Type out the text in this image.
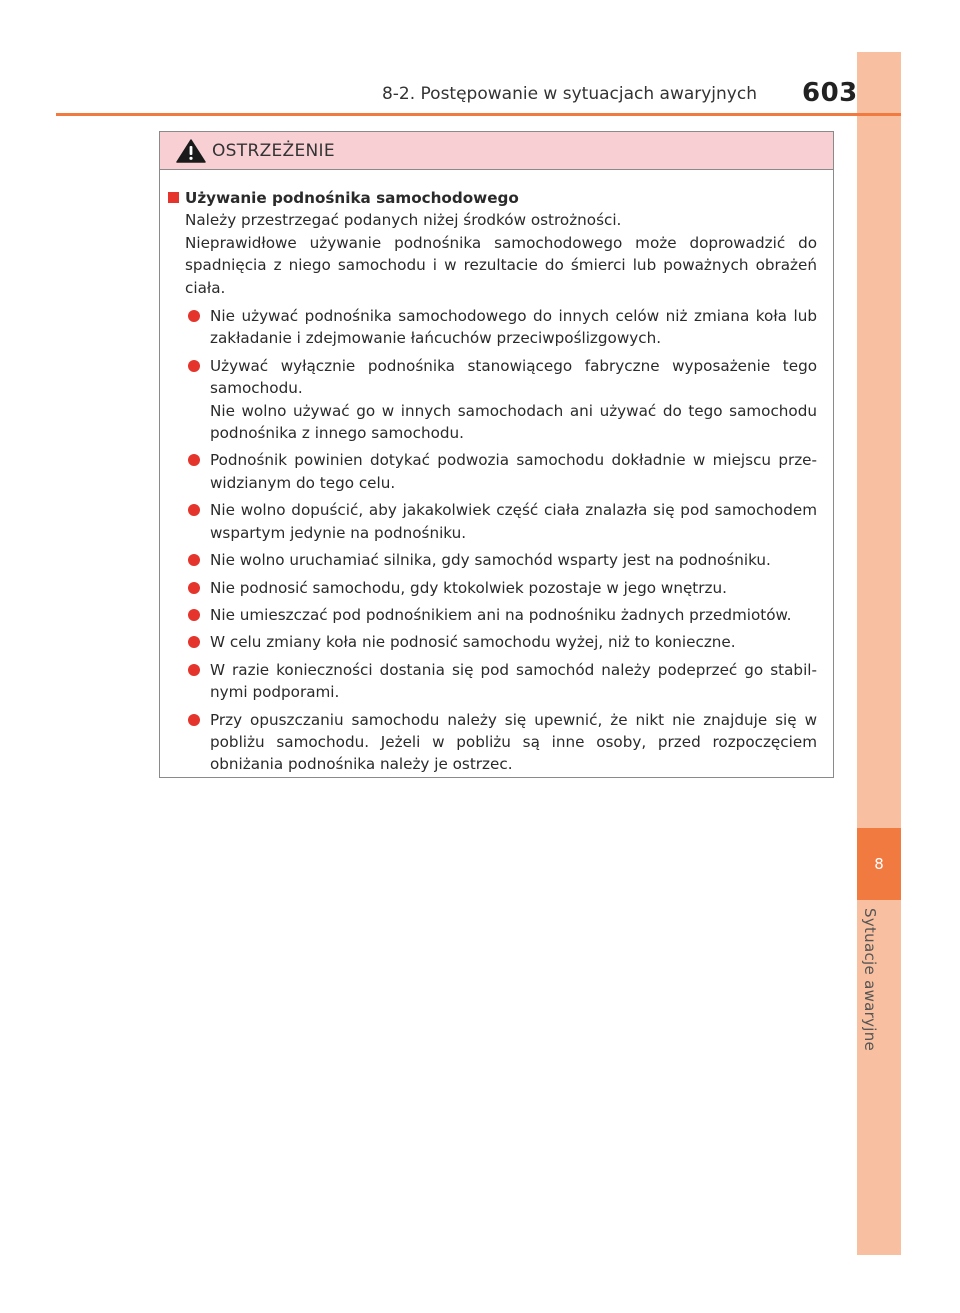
8
Sytuacje awaryjne
8-2. Postępowanie w sytuacjach awaryjnych 603
OSTRZEŻENIE
Używanie podnośnika samochodowego

Należy przestrzegać podanych niżej środków ostrożności.

Nieprawidłowe używanie podnośnika samochodowego może doprowadzić do spadnięcia z niego samochodu i w rezultacie do śmierci lub poważnych obrażeń ciała.

Nie używać podnośnika samochodowego do innych celów niż zmiana koła lub zakładanie i zdejmowanie łańcuchów przeciwpoślizgowych.
Używać wyłącznie podnośnika stanowiącego fabryczne wyposażenie tego samochodu.
Nie wolno używać go w innych samochodach ani używać do tego samochodu podnośnika z innego samochodu.
Podnośnik powinien dotykać podwozia samochodu dokładnie w miejscu prze-widzianym do tego celu.
Nie wolno dopuścić, aby jakakolwiek część ciała znalazła się pod samochodem wspartym jedynie na podnośniku.
Nie wolno uruchamiać silnika, gdy samochód wsparty jest na podnośniku.
Nie podnosić samochodu, gdy ktokolwiek pozostaje w jego wnętrzu.
Nie umieszczać pod podnośnikiem ani na podnośniku żadnych przedmiotów.
W celu zmiany koła nie podnosić samochodu wyżej, niż to konieczne.
W razie konieczności dostania się pod samochód należy podeprzeć go stabil-nymi podporami.
Przy opuszczaniu samochodu należy się upewnić, że nikt nie znajduje się w pobliżu samochodu. Jeżeli w pobliżu są inne osoby, przed rozpoczęciem obniżania podnośnika należy je ostrzec.
